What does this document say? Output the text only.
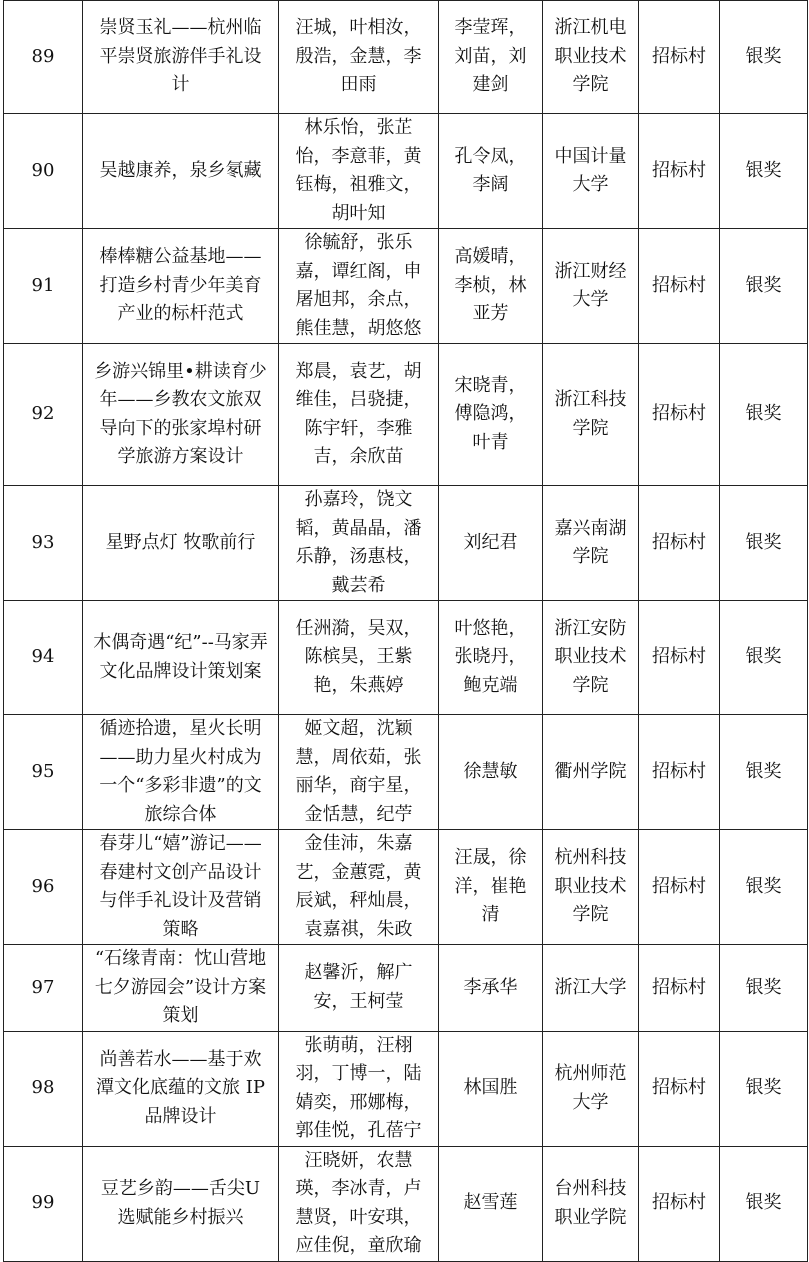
89	崇贤玉礼——杭州临平崇贤旅游伴手礼设计	汪城，叶相汝，殷浩，金慧，李田雨	李莹珲，刘苗，刘建剑	浙江机电职业技术学院	招标村	银奖
90	吴越康养，泉乡氡藏	林乐怡，张芷怡，李意菲，黄钰梅，祖雅文，胡叶知	孔令凤，李阔	中国计量大学	招标村	银奖
91	棒棒糖公益基地——打造乡村青少年美育产业的标杆范式	徐毓舒，张乐嘉，谭红阁，申屠旭邦，余点，熊佳慧，胡悠悠	高媛晴，李桢，林亚芳	浙江财经大学	招标村	银奖
92	乡游兴锦里•耕读育少年——乡教农文旅双导向下的张家埠村研学旅游方案设计	郑晨，袁艺，胡维佳，吕骁捷，陈宇轩，李雅吉，余欣苗	宋晓青，傅隐鸿，叶青	浙江科技学院	招标村	银奖
93	星野点灯 牧歌前行	孙嘉玲，饶文韬，黄晶晶，潘乐静，汤惠枝，戴芸希	刘纪君	嘉兴南湖学院	招标村	银奖
94	木偶奇遇“纪”--马家弄文化品牌设计策划案	任洲漪，吴双，陈槟昊，王紫艳，朱燕婷	叶悠艳，张晓丹，鲍克端	浙江安防职业技术学院	招标村	银奖
95	循迹拾遗，星火长明——助力星火村成为一个“多彩非遗”的文旅综合体	姬文超，沈颖慧，周依茹，张丽华，商宇星，金恬慧，纪苧	徐慧敏	衢州学院	招标村	银奖
96	春芽儿“嬉”游记——春建村文创产品设计与伴手礼设计及营销策略	金佳沛，朱嘉艺，金蕙霓，黄辰斌，秤灿晨，袁嘉祺，朱政	汪晟，徐洋，崔艳清	杭州科技职业技术学院	招标村	银奖
97	“石缘青南：忱山营地七夕游园会”设计方案策划	赵馨沂，解广安，王柯莹	李承华	浙江大学	招标村	银奖
98	尚善若水——基于欢潭文化底蕴的文旅 IP 品牌设计	张萌萌，汪栩羽，丁博一，陆婧奕，邢娜梅，郭佳悦，孔蓓宁	林国胜	杭州师范大学	招标村	银奖
99	豆艺乡韵——舌尖U选赋能乡村振兴	汪晓妍，农慧瑛，李冰青，卢慧贤，叶安琪，应佳倪，童欣瑜	赵雪莲	台州科技职业学院	招标村	银奖
